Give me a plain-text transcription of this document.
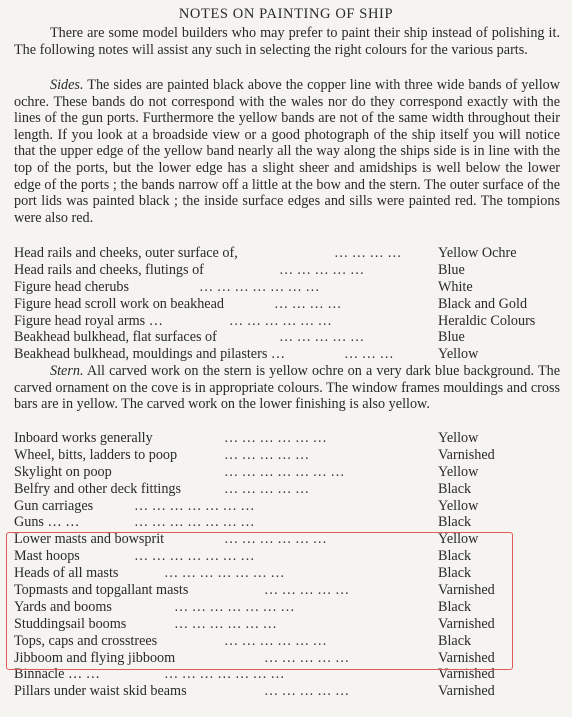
NOTES ON PAINTING OF SHIP

There are some model builders who may prefer to paint their ship instead of polishing it. The following notes will assist any such in selecting the right colours for the various parts.

Sides. The sides are painted black above the copper line with three wide bands of yellow ochre. These bands do not correspond with the wales nor do they correspond exactly with the lines of the gun ports. Furthermore the yellow bands are not of the same width throughout their length. If you look at a broadside view or a good photograph of the ship itself you will notice that the upper edge of the yellow band nearly all the way along the ships side is in line with the top of the ports, but the lower edge has a slight sheer and amidships is well below the lower edge of the ports ; the bands narrow off a little at the bow and the stern. The outer surface of the port lids was painted black ; the inside surface edges and sills were painted red. The tompions were also red.

Head rails and cheeks, outer surface of,	… … … …	Yellow Ochre
Head rails and cheeks, flutings of	… … … … …	Blue
Figure head cherubs	… … … … … … …	White
Figure head scroll work on beakhead	… … … …	Black and Gold
Figure head royal arms …	… … … … … …	Heraldic Colours
Beakhead bulkhead, flat surfaces of	… … … … …	Blue
Beakhead bulkhead, mouldings and pilasters …	… … …	Yellow

Stern. All carved work on the stern is yellow ochre on a very dark blue background. The carved ornament on the cove is in appropriate colours. The window frames mouldings and cross bars are in yellow. The carved work on the lower finishing is also yellow.

Inboard works generally	… … … … … …	Yellow
Wheel, bitts, ladders to poop	… … … … …	Varnished
Skylight on poop	… … … … … … …	Yellow
Belfry and other deck fittings	… … … … …	Black
Gun carriages	… … … … … … …	Yellow
Guns … …	… … … … … … …	Black
Lower masts and bowsprit	… … … … … …	Yellow
Mast hoops	… … … … … … …	Black
Heads of all masts	… … … … … … …	Black
Topmasts and topgallant masts	… … … … …	Varnished
Yards and booms	… … … … … … …	Black
Studdingsail booms	… … … … … …	Varnished
Tops, caps and crosstrees	… … … … … …	Black
Jibboom and flying jibboom	… … … … …	Varnished
Binnacle … …	… … … … … … …	Varnished
Pillars under waist skid beams	… … … … …	Varnished
